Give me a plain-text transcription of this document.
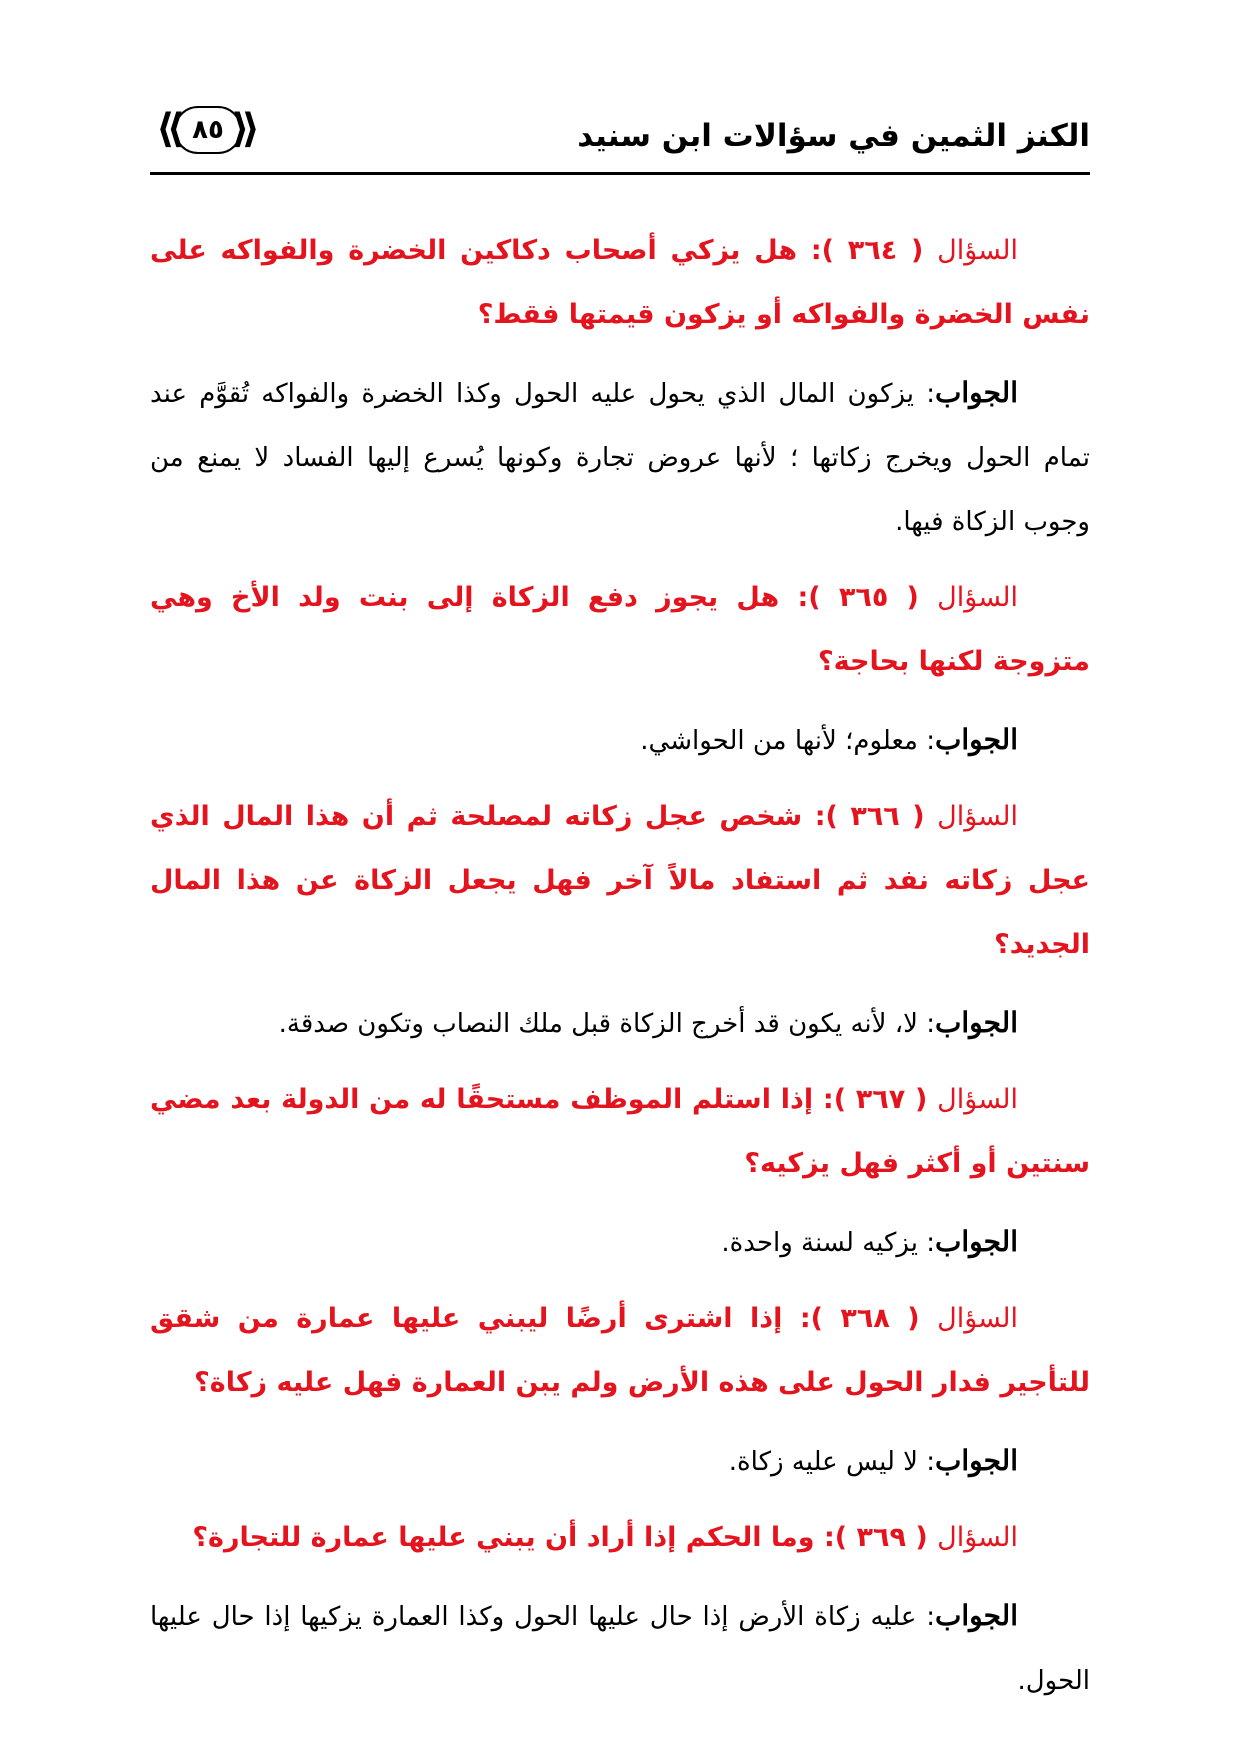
الكنز الثمين في سؤالات ابن سنيد
⟪ ٨٥ ⟫

السؤال ( ٣٦٤ ): هل يزكي أصحاب دكاكين الخضرة والفواكه على نفس الخضرة والفواكه أو يزكون قيمتها فقط؟

الجواب: يزكون المال الذي يحول عليه الحول وكذا الخضرة والفواكه تُقوَّم عند تمام الحول ويخرج زكاتها ؛ لأنها عروض تجارة وكونها يُسرع إليها الفساد لا يمنع من وجوب الزكاة فيها.

السؤال ( ٣٦٥ ): هل يجوز دفع الزكاة إلى بنت ولد الأخ وهي متزوجة لكنها بحاجة؟

الجواب: معلوم؛ لأنها من الحواشي.

السؤال ( ٣٦٦ ): شخص عجل زكاته لمصلحة ثم أن هذا المال الذي عجل زكاته نفد ثم استفاد مالاً آخر فهل يجعل الزكاة عن هذا المال الجديد؟

الجواب: لا، لأنه يكون قد أخرج الزكاة قبل ملك النصاب وتكون صدقة.

السؤال ( ٣٦٧ ): إذا استلم الموظف مستحقًا له من الدولة بعد مضي سنتين أو أكثر فهل يزكيه؟

الجواب: يزكيه لسنة واحدة.

السؤال ( ٣٦٨ ): إذا اشترى أرضًا ليبني عليها عمارة من شقق للتأجير فدار الحول على هذه الأرض ولم يبن العمارة فهل عليه زكاة؟

الجواب: لا ليس عليه زكاة.

السؤال ( ٣٦٩ ): وما الحكم إذا أراد أن يبني عليها عمارة للتجارة؟

الجواب: عليه زكاة الأرض إذا حال عليها الحول وكذا العمارة يزكيها إذا حال عليها الحول.
